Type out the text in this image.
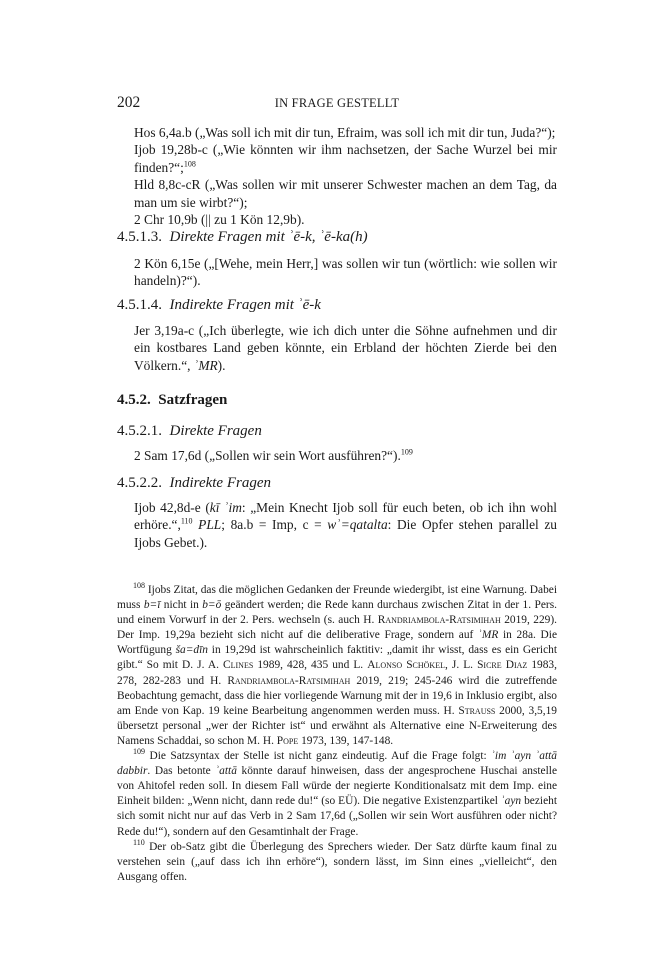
202	IN FRAGE GESTELLT
Hos 6,4a.b („Was soll ich mit dir tun, Efraim, was soll ich mit dir tun, Juda?“);
Ijob 19,28b-c („Wie könnten wir ihm nachsetzen, der Sache Wurzel bei mir finden?“;$^{108}$
Hld 8,8c-cR („Was sollen wir mit unserer Schwester machen an dem Tag, da man um sie wirbt?“);
2 Chr 10,9b (|| zu 1 Kön 12,9b).
4.5.1.3. Direkte Fragen mit ʾē-k, ʾē-ka(h)
2 Kön 6,15e („[Wehe, mein Herr,] was sollen wir tun (wörtlich: wie sollen wir handeln)?“).
4.5.1.4. Indirekte Fragen mit ʾē-k
Jer 3,19a-c („Ich überlegte, wie ich dich unter die Söhne aufnehmen und dir ein kostbares Land geben könnte, ein Erbland der höchten Zierde bei den Völkern.“, ʾMR).
4.5.2. Satzfragen
4.5.2.1. Direkte Fragen
2 Sam 17,6d („Sollen wir sein Wort ausführen?“).$^{109}$
4.5.2.2. Indirekte Fragen
Ijob 42,8d-e (kī ʾim: „Mein Knecht Ijob soll für euch beten, ob ich ihn wohl erhöre.“,$^{110}$ PLL; 8a.b = Imp, c = wʾ=qatalta: Die Opfer stehen parallel zu Ijobs Gebet.).
$^{108}$ Ijobs Zitat, das die möglichen Gedanken der Freunde wiedergibt, ist eine Warnung. Dabei muss b=ī nicht in b=ō geändert werden; die Rede kann durchaus zwischen Zitat in der 1. Pers. und einem Vorwurf in der 2. Pers. wechseln (s. auch H. Randriambola-Ratsimihah 2019, 229). Der Imp. 19,29a bezieht sich nicht auf die deliberative Frage, sondern auf ʾMR in 28a. Die Wortfügung ša=dīn in 19,29d ist wahrscheinlich faktitiv: „damit ihr wisst, dass es ein Gericht gibt.“ So mit D. J. A. Clines 1989, 428, 435 und L. Alonso Schökel, J. L. Sicre Diaz 1983, 278, 282-283 und H. Randriambola-Ratsimihah 2019, 219; 245-246 wird die zutreffende Beobachtung gemacht, dass die hier vorliegende Warnung mit der in 19,6 in Inklusio ergibt, also am Ende von Kap. 19 keine Bearbeitung angenommen werden muss. H. Strauss 2000, 3,5,19 übersetzt personal „wer der Richter ist“ und erwähnt als Alternative eine N-Erweiterung des Namens Schaddai, so schon M. H. Pope 1973, 139, 147-148.
$^{109}$ Die Satzsyntax der Stelle ist nicht ganz eindeutig. Auf die Frage folgt: ʾim ʾayn ʾattā dabbir. Das betonte ʾattā könnte darauf hinweisen, dass der angesprochene Huschai anstelle von Ahitofel reden soll. In diesem Fall würde der negierte Konditionalsatz mit dem Imp. eine Einheit bilden: „Wenn nicht, dann rede du!“ (so EÜ). Die negative Existenzpartikel ʾayn bezieht sich somit nicht nur auf das Verb in 2 Sam 17,6d („Sollen wir sein Wort ausführen oder nicht? Rede du!“), sondern auf den Gesamtinhalt der Frage.
$^{110}$ Der ob-Satz gibt die Überlegung des Sprechers wieder. Der Satz dürfte kaum final zu verstehen sein („auf dass ich ihn erhöre“), sondern lässt, im Sinn eines „vielleicht“, den Ausgang offen.
